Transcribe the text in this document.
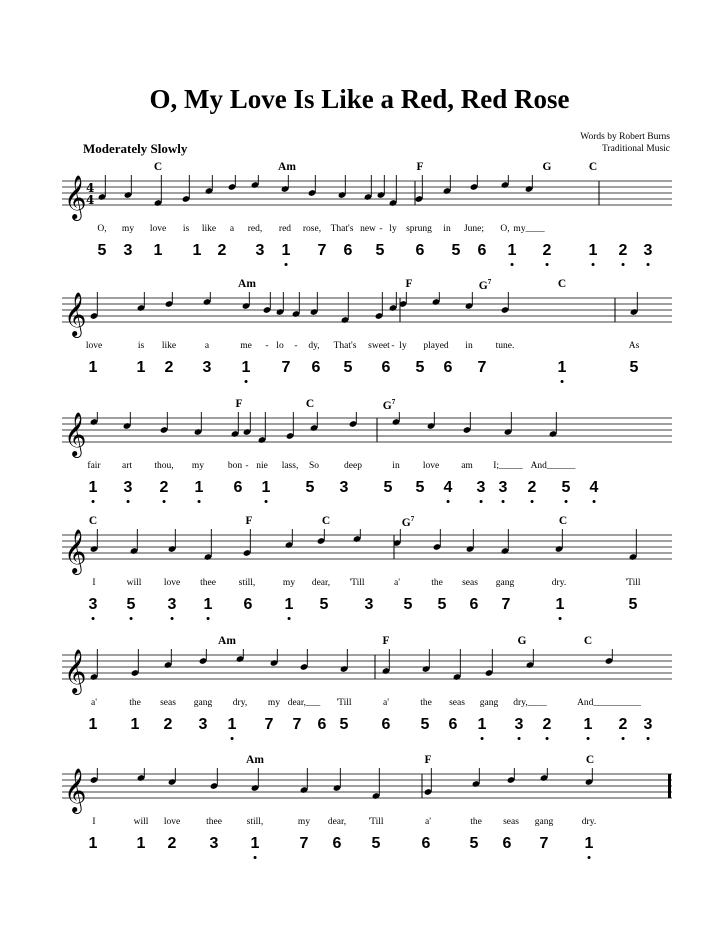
O, My Love Is Like a Red, Red Rose
Moderately Slowly
Words by Robert Burns
Traditional Music
𝄞 4
4
C	Am	F	G	C
O, my love is like a red, red rose, That's new - ly sprung in June; O, my____
5 3 1 1 2 3 1 7 6 5 6 5 6 1 2 1 2 3
𝄞
Am	F	$G^7$	C
love	is like	a	me - lo - dy, That's sweet - ly played in tune.	As
1 1 2 3 1 7 6 5 6 5 6 7	1	5
𝄞
F	C	$G^7$
fair art thou, my	bon - nie lass, So	deep	in love am I;_____ And______
1 3 2 1 6 1 5 3 5 5 4 3 3 2 5 4
𝄞
C	F	C	$G^7$	C
I	will love thee still,	my dear, 'Till	a'	the seas gang	dry.	'Till
3 5 3 1 6 1 5 3 5 5 6 7	1	5
𝄞
Am	F	G	C
a'	the seas gang dry, my dear,___ 'Till	a'	the seas gang dry,____	And__________
1 1 2 3 1 7 7 6 5 6 5 6 1 3 2 1 2 3
𝄞
Am	F	C
I	will love	thee	still,	my dear, 'Till	a'	the seas gang	dry.
1 1 2 3 1	7 6 5	6 5 6 7 1
